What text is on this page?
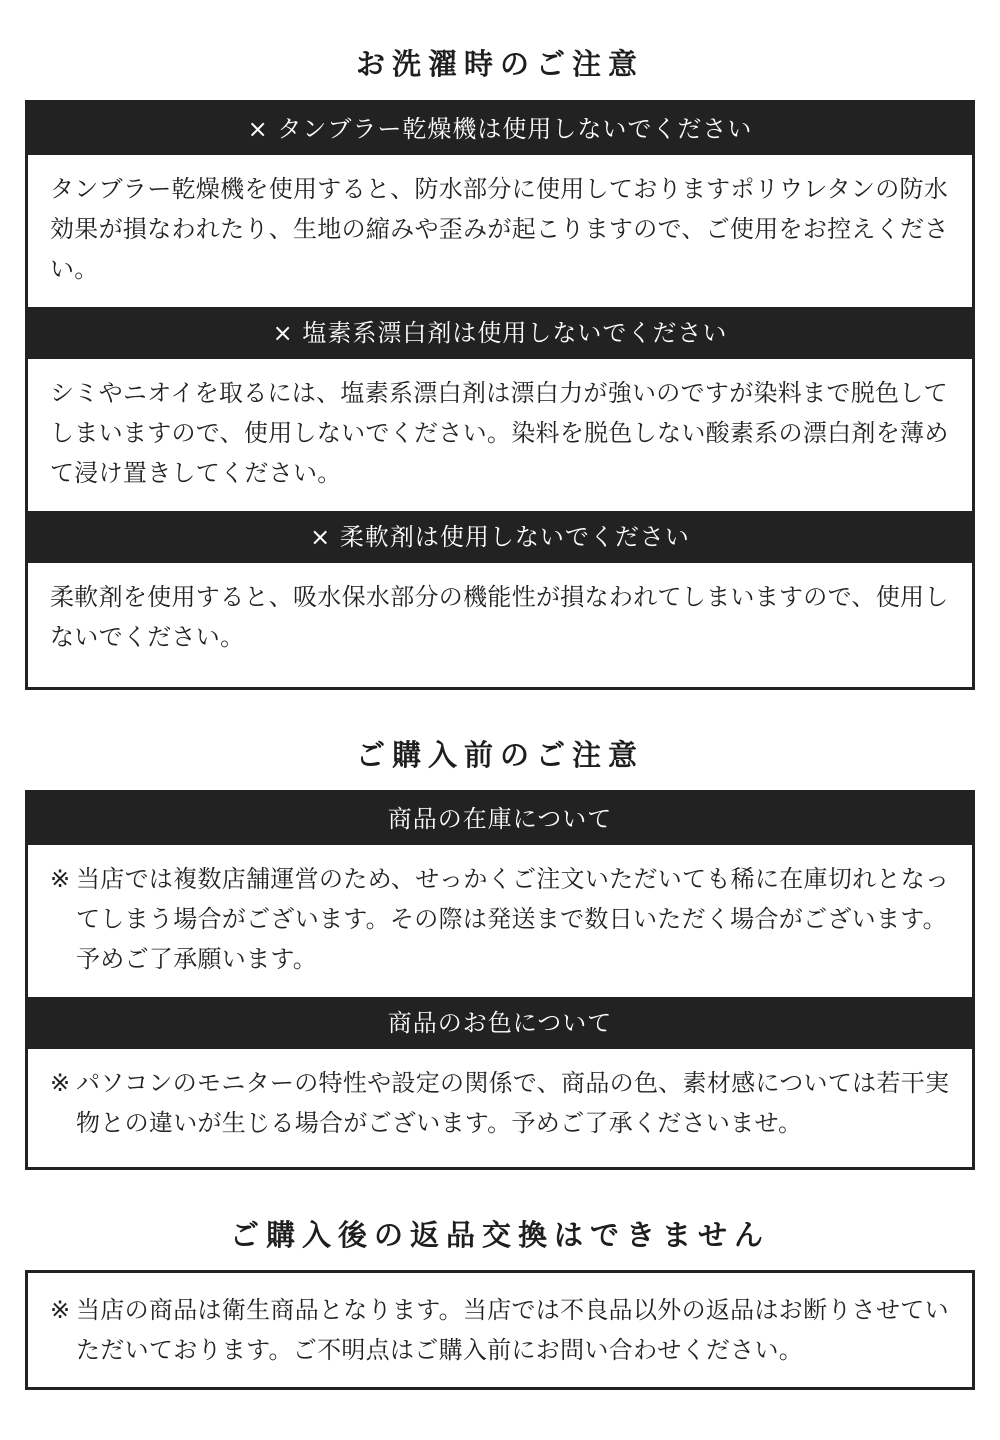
お洗濯時のご注意
× タンブラー乾燥機は使用しないでください
タンブラー乾燥機を使用すると、防水部分に使用しておりますポリウレタンの防水効果が損なわれたり、生地の縮みや歪みが起こりますので、ご使用をお控えください。
× 塩素系漂白剤は使用しないでください
シミやニオイを取るには、塩素系漂白剤は漂白力が強いのですが染料まで脱色してしまいますので、使用しないでください。染料を脱色しない酸素系の漂白剤を薄めて浸け置きしてください。
× 柔軟剤は使用しないでください
柔軟剤を使用すると、吸水保水部分の機能性が損なわれてしまいますので、使用しないでください。
ご購入前のご注意
商品の在庫について
※ 当店では複数店舗運営のため、せっかくご注文いただいても稀に在庫切れとなってしまう場合がございます。その際は発送まで数日いただく場合がございます。予めご了承願います。
商品のお色について
※ パソコンのモニターの特性や設定の関係で、商品の色、素材感については若干実物との違いが生じる場合がございます。予めご了承くださいませ。
ご購入後の返品交換はできません
※ 当店の商品は衛生商品となります。当店では不良品以外の返品はお断りさせていただいております。ご不明点はご購入前にお問い合わせください。
